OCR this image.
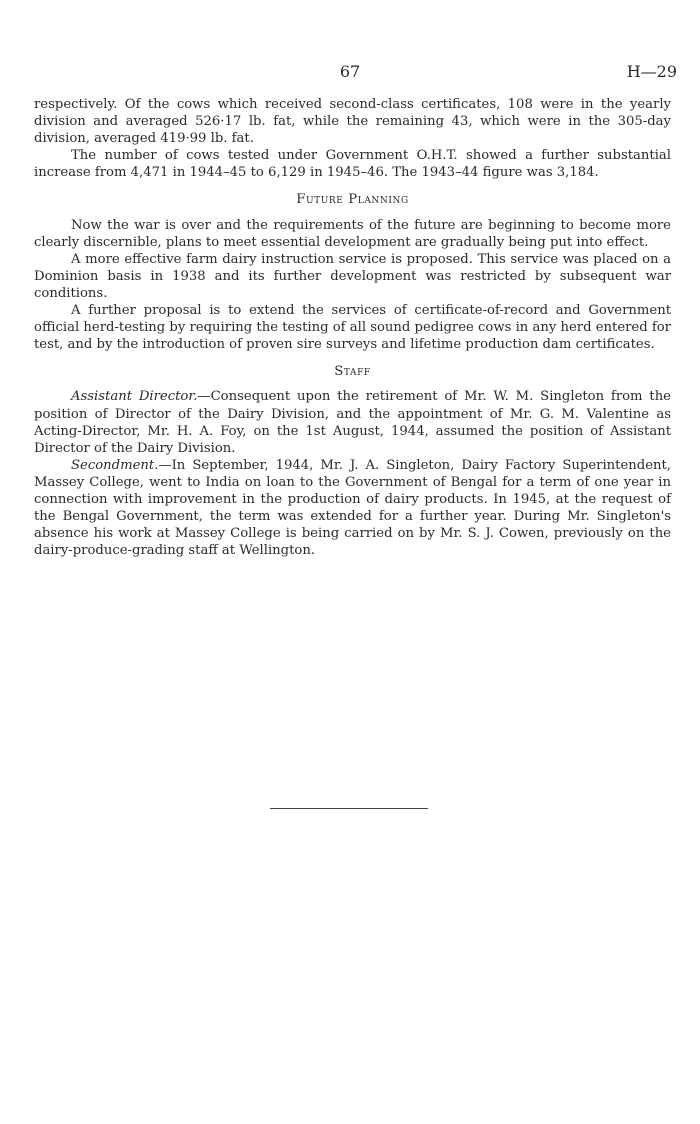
67	H—29

respectively. Of the cows which received second-class certificates, 108 were in the yearly division and averaged 526·17 lb. fat, while the remaining 43, which were in the 305-day division, averaged 419·99 lb. fat.

The number of cows tested under Government O.H.T. showed a further substantial increase from 4,471 in 1944–45 to 6,129 in 1945–46. The 1943–44 figure was 3,184.

Future Planning

Now the war is over and the requirements of the future are beginning to become more clearly discernible, plans to meet essential development are gradually being put into effect.

A more effective farm dairy instruction service is proposed. This service was placed on a Dominion basis in 1938 and its further development was restricted by subsequent war conditions.

A further proposal is to extend the services of certificate-of-record and Government official herd-testing by requiring the testing of all sound pedigree cows in any herd entered for test, and by the introduction of proven sire surveys and lifetime production dam certificates.

Staff

Assistant Director.—Consequent upon the retirement of Mr. W. M. Singleton from the position of Director of the Dairy Division, and the appointment of Mr. G. M. Valentine as Acting-Director, Mr. H. A. Foy, on the 1st August, 1944, assumed the position of Assistant Director of the Dairy Division.

Secondment.—In September, 1944, Mr. J. A. Singleton, Dairy Factory Superintendent, Massey College, went to India on loan to the Government of Bengal for a term of one year in connection with improvement in the production of dairy products. In 1945, at the request of the Bengal Government, the term was extended for a further year. During Mr. Singleton's absence his work at Massey College is being carried on by Mr. S. J. Cowen, previously on the dairy-produce-grading staff at Wellington.
